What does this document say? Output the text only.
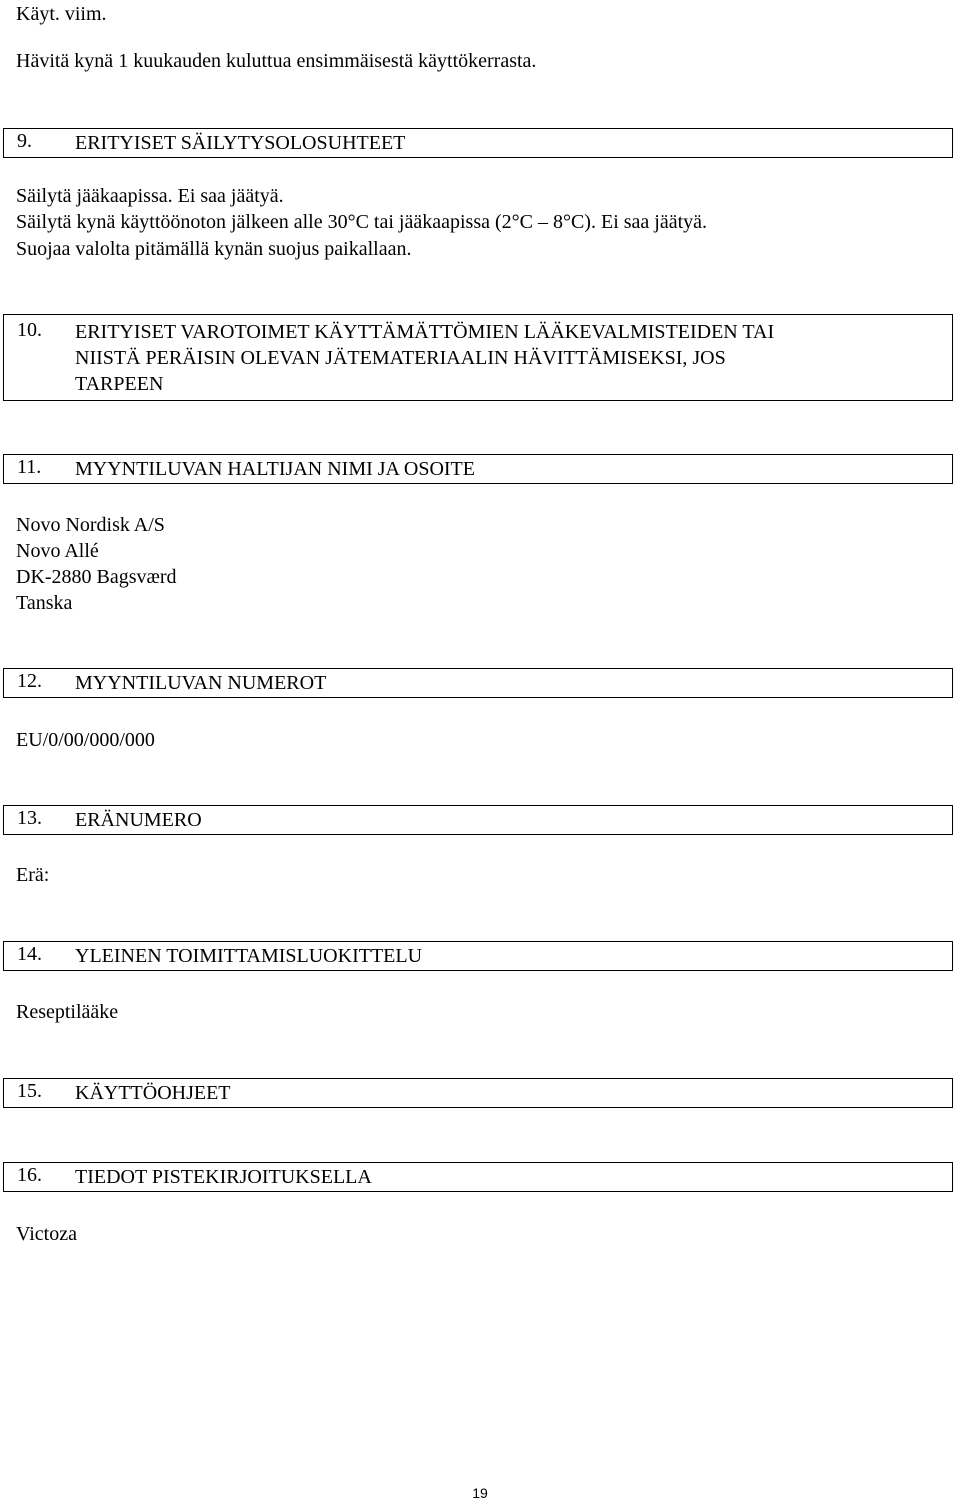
Käyt. viim.

Hävitä kynä 1 kuukauden kuluttua ensimmäisestä käyttökerrasta.

9. ERITYISET SÄILYTYSOLOSUHTEET

Säilytä jääkaapissa. Ei saa jäätyä.

Säilytä kynä käyttöönoton jälkeen alle 30°C tai jääkaapissa (2°C – 8°C). Ei saa jäätyä.

Suojaa valolta pitämällä kynän suojus paikallaan.

10. ERITYISET VAROTOIMET KÄYTTÄMÄTTÖMIEN LÄÄKEVALMISTEIDEN TAI
NIISTÄ PERÄISIN OLEVAN JÄTEMATERIAALIN HÄVITTÄMISEKSI, JOS
TARPEEN
11. MYYNTILUVAN HALTIJAN NIMI JA OSOITE

Novo Nordisk A/S

Novo Allé

DK-2880 Bagsværd

Tanska

12. MYYNTILUVAN NUMEROT

EU/0/00/000/000

13. ERÄNUMERO

Erä:

14. YLEINEN TOIMITTAMISLUOKITTELU

Reseptilääke

15. KÄYTTÖOHJEET
16. TIEDOT PISTEKIRJOITUKSELLA

Victoza

19
